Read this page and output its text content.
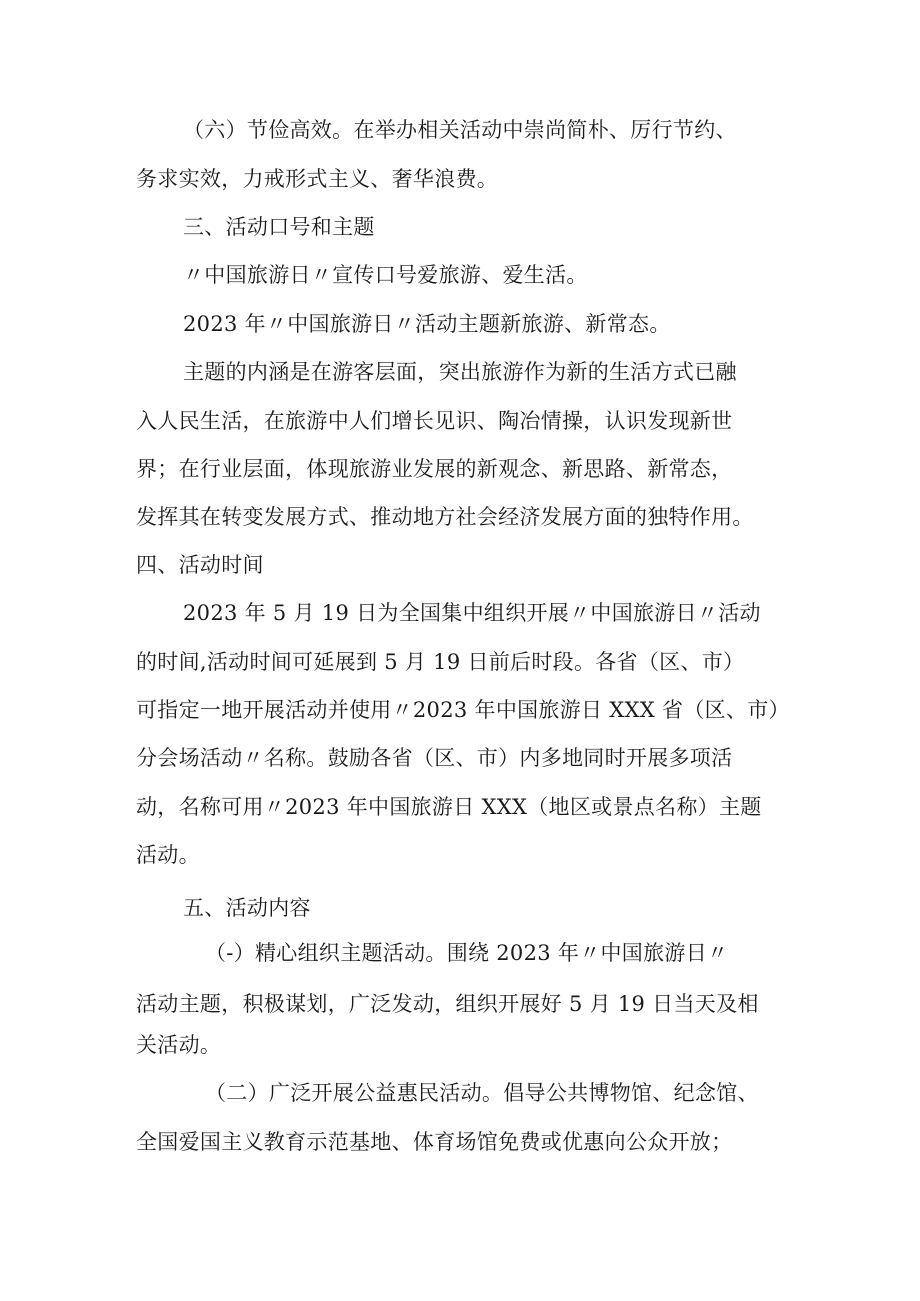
（六）节俭高效。在举办相关活动中崇尚简朴、厉行节约、
务求实效，力戒形式主义、奢华浪费。
三、活动口号和主题
〃中国旅游日〃宣传口号爱旅游、爱生活。
2023 年〃中国旅游日〃活动主题新旅游、新常态。
主题的内涵是在游客层面，突出旅游作为新的生活方式已融
入人民生活，在旅游中人们增长见识、陶冶情操，认识发现新世
界；在行业层面，体现旅游业发展的新观念、新思路、新常态，
发挥其在转变发展方式、推动地方社会经济发展方面的独特作用。
四、活动时间
2023 年 5 月 19 日为全国集中组织开展〃中国旅游日〃活动
的时间,活动时间可延展到 5 月 19 日前后时段。各省（区、市）
可指定一地开展活动并使用〃2023 年中国旅游日 XXX 省（区、市）
分会场活动〃名称。鼓励各省（区、市）内多地同时开展多项活
动，名称可用〃2023 年中国旅游日 XXX（地区或景点名称）主题
活动。
五、活动内容
（-）精心组织主题活动。围绕 2023 年〃中国旅游日〃
活动主题，积极谋划，广泛发动，组织开展好 5 月 19 日当天及相
关活动。
（二）广泛开展公益惠民活动。倡导公共博物馆、纪念馆、
全国爱国主义教育示范基地、体育场馆免费或优惠向公众开放；
